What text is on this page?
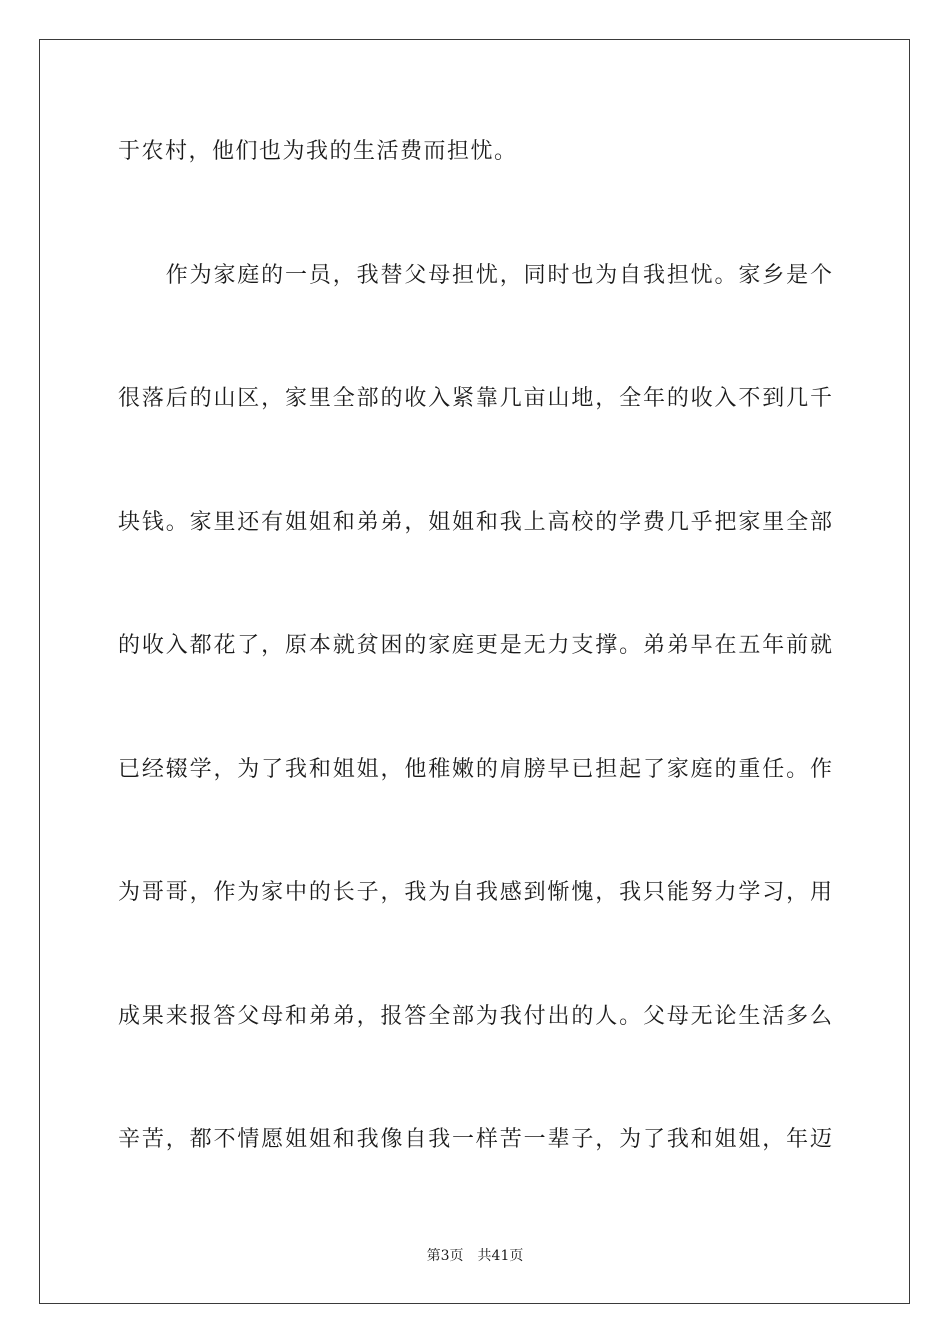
于农村，他们也为我的生活费而担忧。
　　作为家庭的一员，我替父母担忧，同时也为自我担忧。家乡是个
很落后的山区，家里全部的收入紧靠几亩山地，全年的收入不到几千
块钱。家里还有姐姐和弟弟，姐姐和我上高校的学费几乎把家里全部
的收入都花了，原本就贫困的家庭更是无力支撑。弟弟早在五年前就
已经辍学，为了我和姐姐，他稚嫩的肩膀早已担起了家庭的重任。作
为哥哥，作为家中的长子，我为自我感到惭愧，我只能努力学习，用
成果来报答父母和弟弟，报答全部为我付出的人。父母无论生活多么
辛苦，都不情愿姐姐和我像自我一样苦一辈子，为了我和姐姐，年迈
第3页 共41页
